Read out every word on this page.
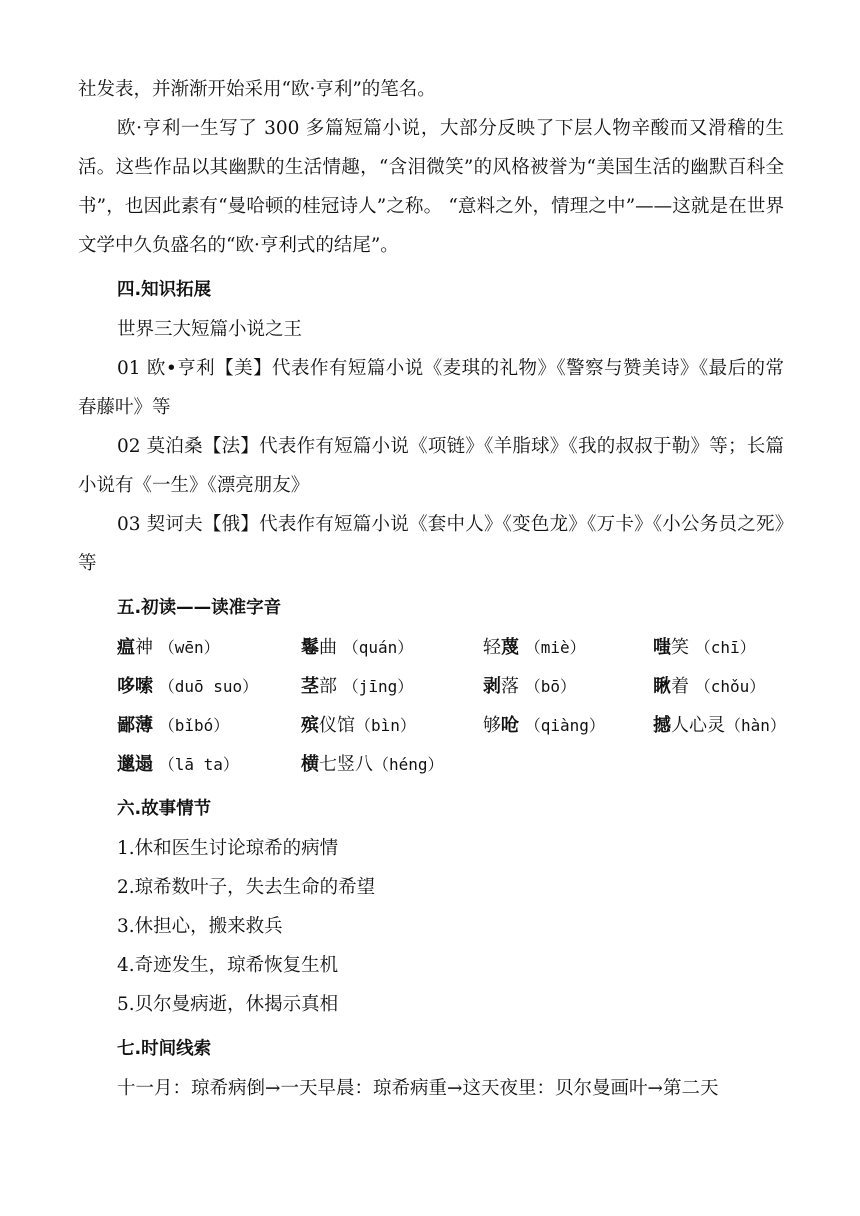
社发表，并渐渐开始采用“欧·亨利”的笔名。

欧·亨利一生写了 300 多篇短篇小说，大部分反映了下层人物辛酸而又滑稽的生活。这些作品以其幽默的生活情趣，“含泪微笑”的风格被誉为“美国生活的幽默百科全书”，也因此素有“曼哈顿的桂冠诗人”之称。 “意料之外，情理之中”——这就是在世界文学中久负盛名的“欧·亨利式的结尾”。

四.知识拓展

世界三大短篇小说之王

01 欧•亨利【美】代表作有短篇小说《麦琪的礼物》《警察与赞美诗》《最后的常春藤叶》等

02 莫泊桑【法】代表作有短篇小说《项链》《羊脂球》《我的叔叔于勒》等；长篇小说有《一生》《漂亮朋友》

03 契诃夫【俄】代表作有短篇小说《套中人》《变色龙》《万卡》《小公务员之死》等

五.初读——读准字音

瘟神 （wēn）	鬈曲 （quán）	轻蔑 （miè）	嗤笑 （chī）
哆嗦 （duō suo）	茎部 （jīng）	剥落 （bō）	瞅着 （chǒu）
鄙薄 （bǐbó）	殡仪馆（bìn）	够呛 （qiàng）	撼人心灵（hàn）
邋遢 （lā ta）	横七竖八（héng）

六.故事情节

1.休和医生讨论琼希的病情

2.琼希数叶子，失去生命的希望

3.休担心，搬来救兵

4.奇迹发生，琼希恢复生机

5.贝尔曼病逝，休揭示真相

七.时间线索

十一月：琼希病倒→一天早晨：琼希病重→这天夜里：贝尔曼画叶→第二天
